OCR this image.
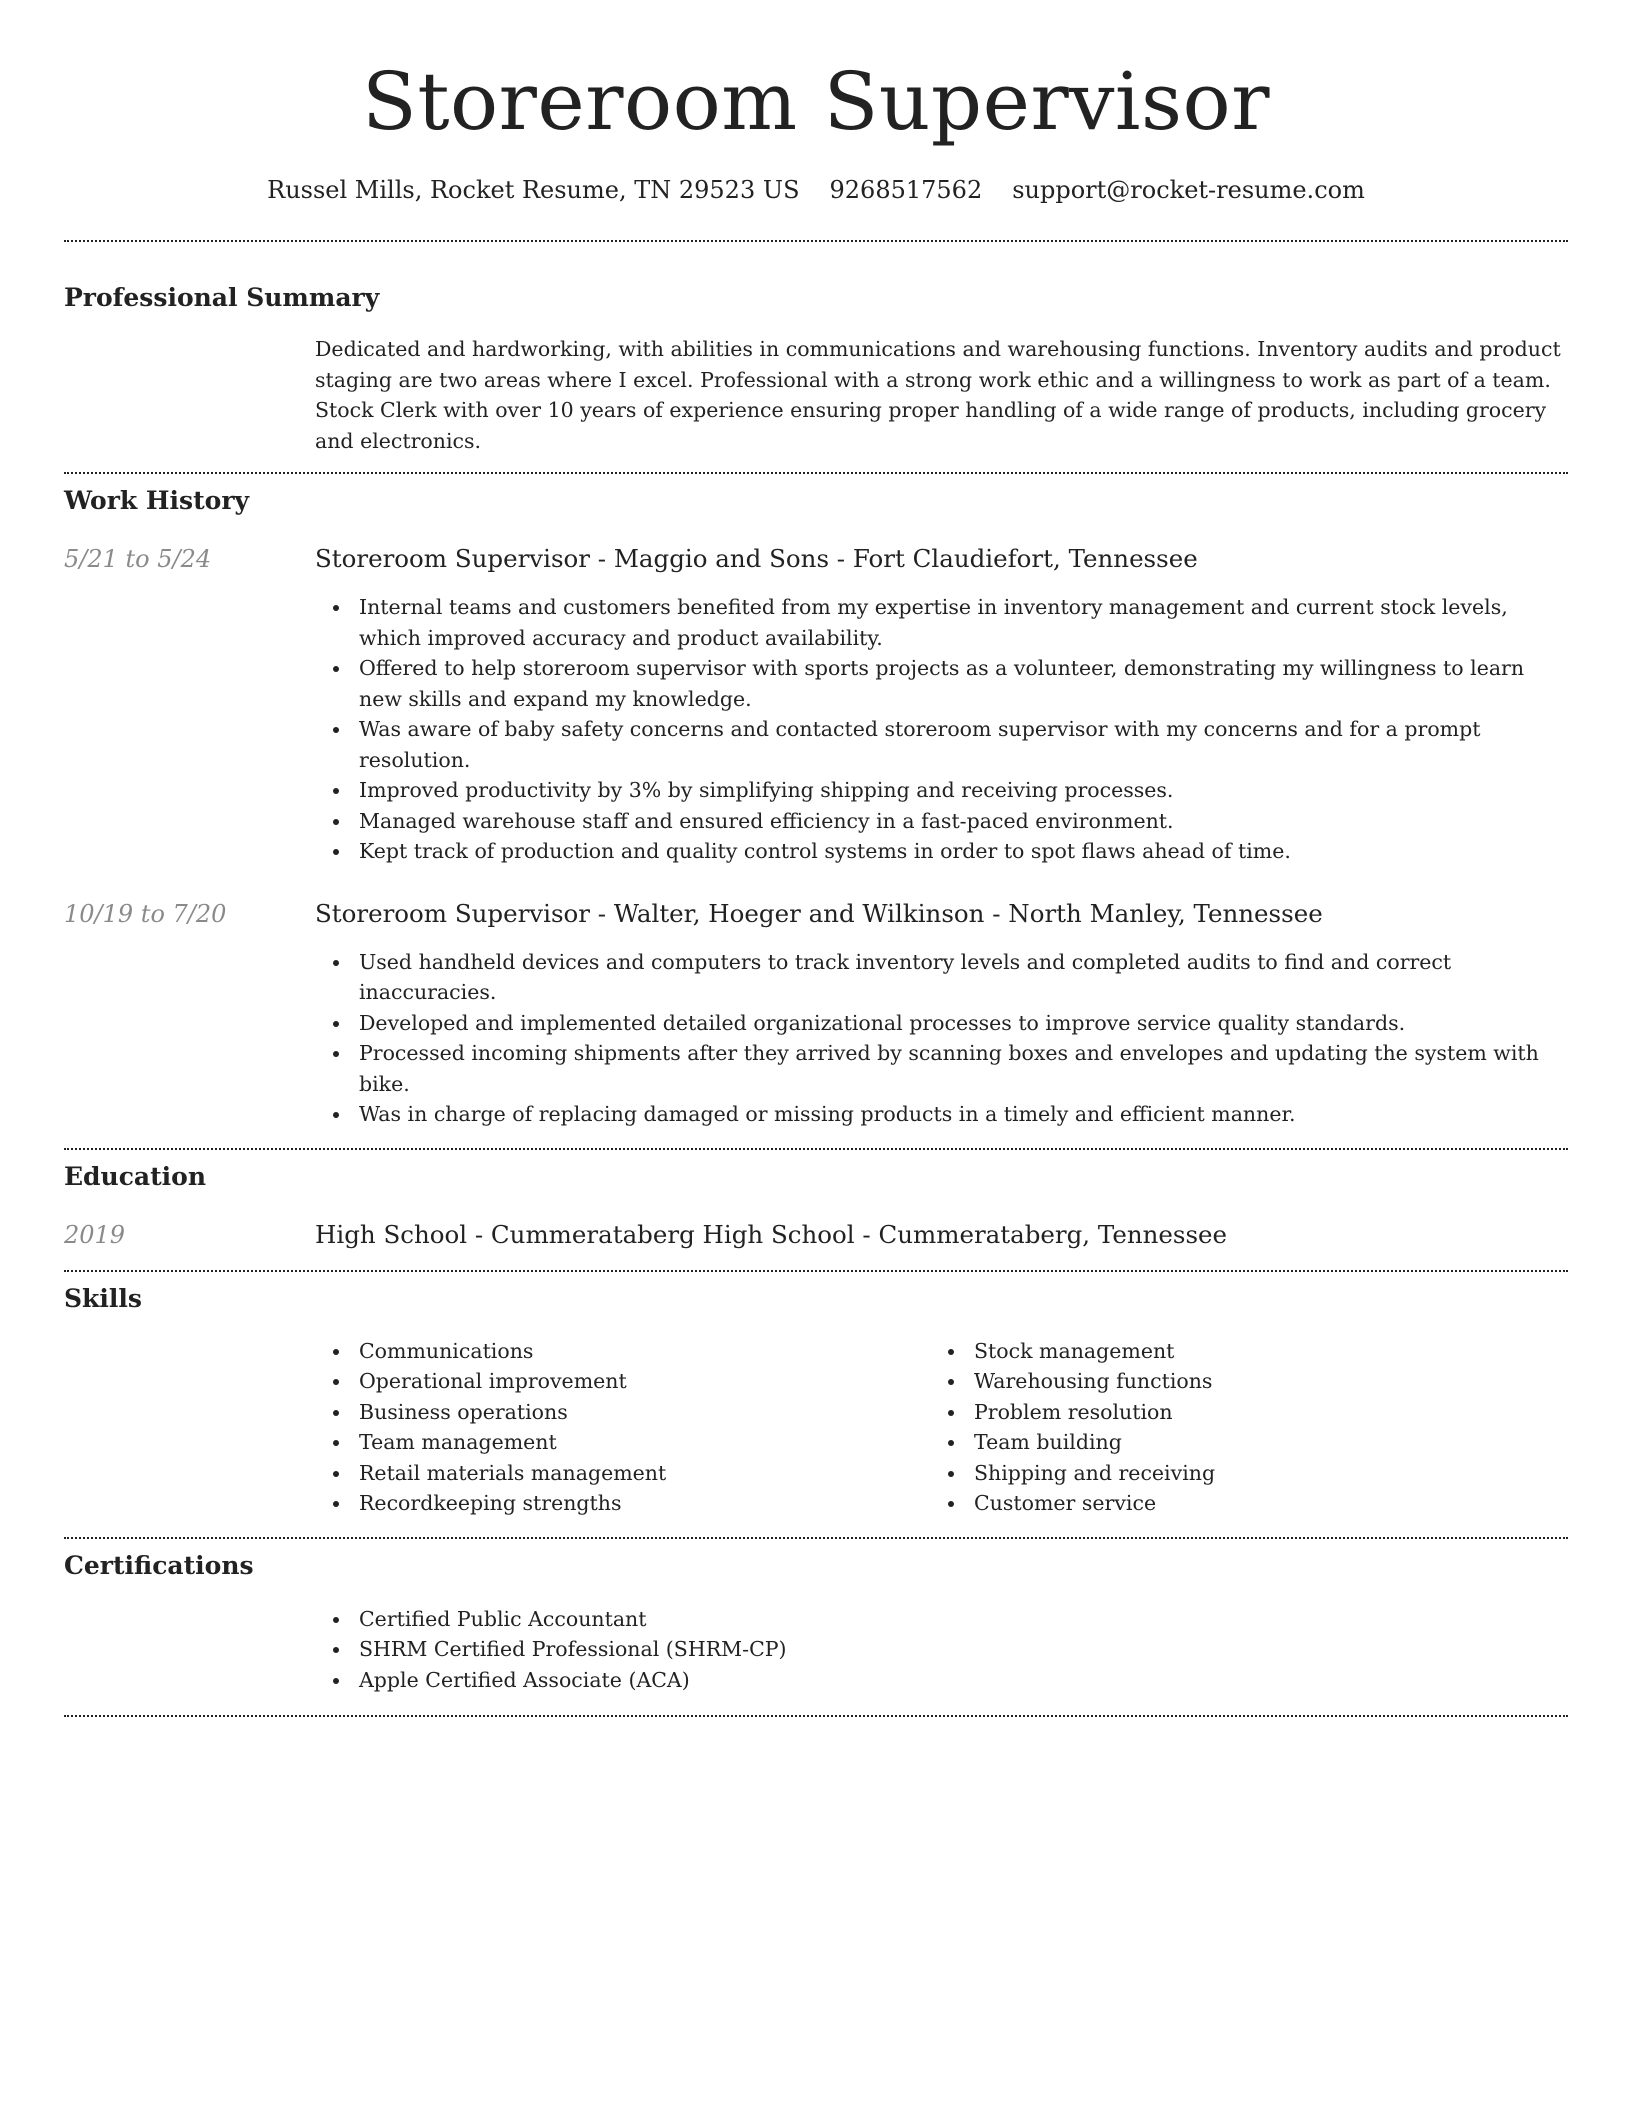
Storeroom Supervisor
Russel Mills, Rocket Resume, TN 29523 US 9268517562 support@rocket-resume.com
Professional Summary

Dedicated and hardworking, with abilities in communications and warehousing functions. Inventory audits and product staging are two areas where I excel. Professional with a strong work ethic and a willingness to work as part of a team. Stock Clerk with over 10 years of experience ensuring proper handling of a wide range of products, including grocery and electronics.

Work History
5/21 to 5/24	Storeroom Supervisor - Maggio and Sons - Fort Claudiefort, Tennessee
Internal teams and customers benefited from my expertise in inventory management and current stock levels, which improved accuracy and product availability.
Offered to help storeroom supervisor with sports projects as a volunteer, demonstrating my willingness to learn new skills and expand my knowledge.
Was aware of baby safety concerns and contacted storeroom supervisor with my concerns and for a prompt resolution.
Improved productivity by 3% by simplifying shipping and receiving processes.
Managed warehouse staff and ensured efficiency in a fast-paced environment.
Kept track of production and quality control systems in order to spot flaws ahead of time.
10/19 to 7/20	Storeroom Supervisor - Walter, Hoeger and Wilkinson - North Manley, Tennessee
Used handheld devices and computers to track inventory levels and completed audits to find and correct inaccuracies.
Developed and implemented detailed organizational processes to improve service quality standards.
Processed incoming shipments after they arrived by scanning boxes and envelopes and updating the system with bike.
Was in charge of replacing damaged or missing products in a timely and efficient manner.
Education
2019	High School - Cummerataberg High School - Cummerataberg, Tennessee
Skills
Communications
Operational improvement
Business operations
Team management
Retail materials management
Recordkeeping strengths
Stock management
Warehousing functions
Problem resolution
Team building
Shipping and receiving
Customer service
Certifications
Certified Public Accountant
SHRM Certified Professional (SHRM-CP)
Apple Certified Associate (ACA)
